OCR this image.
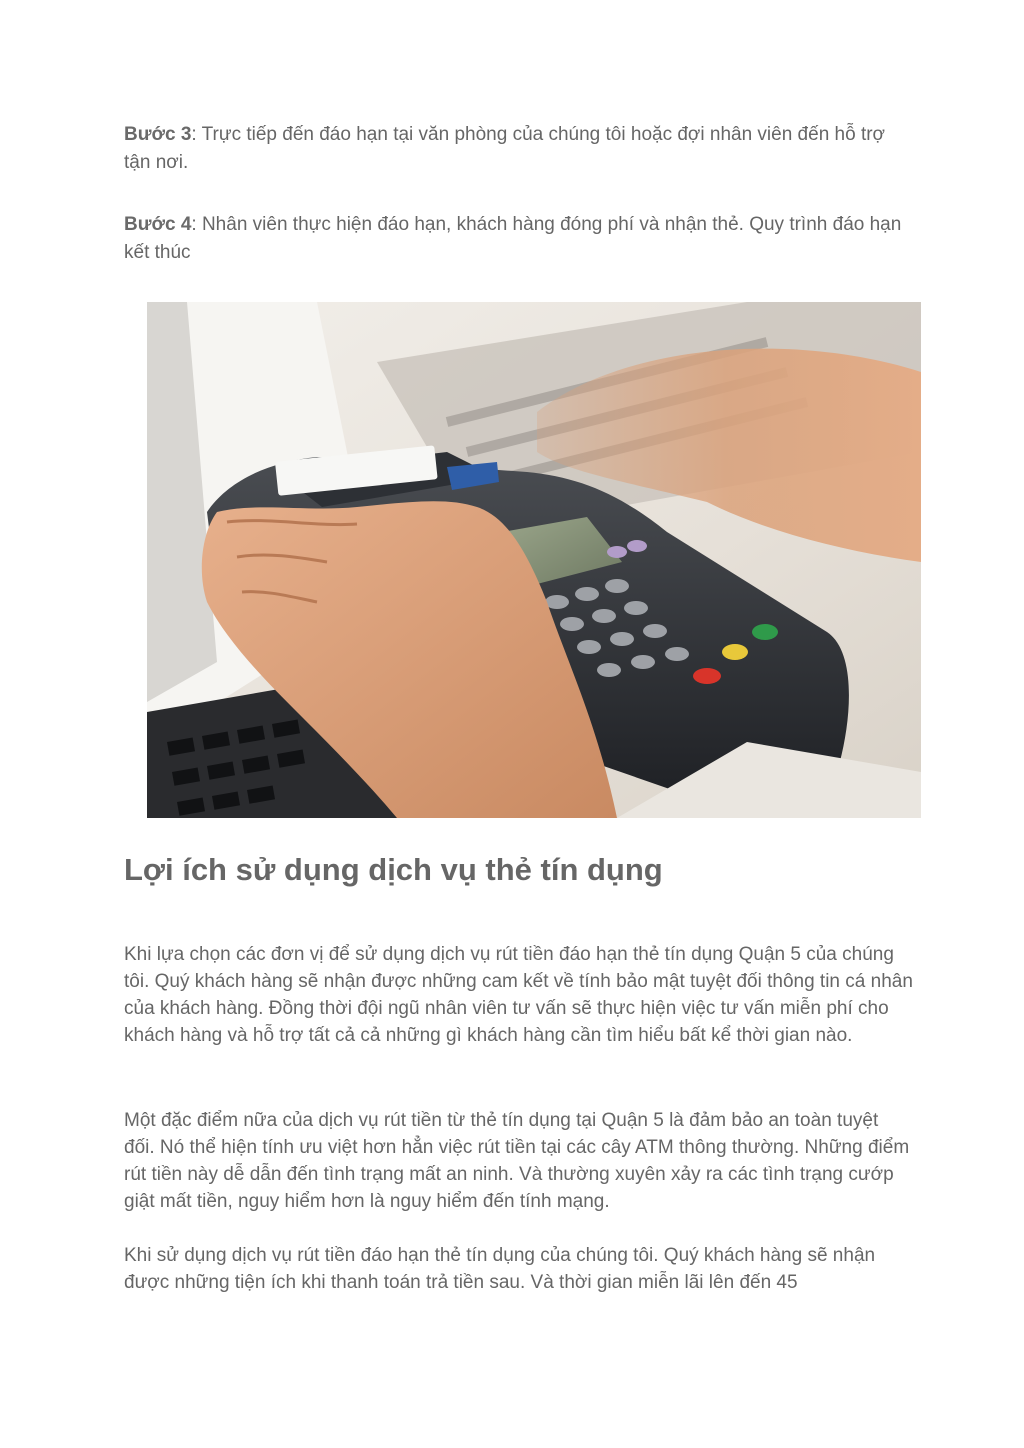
Bước 3: Trực tiếp đến đáo hạn tại văn phòng của chúng tôi hoặc đợi nhân viên đến hỗ trợ tận nơi.

Bước 4: Nhân viên thực hiện đáo hạn, khách hàng đóng phí và nhận thẻ. Quy trình đáo hạn kết thúc

Lợi ích sử dụng dịch vụ thẻ tín dụng

Khi lựa chọn các đơn vị để sử dụng dịch vụ rút tiền đáo hạn thẻ tín dụng Quận 5 của chúng tôi. Quý khách hàng sẽ nhận được những cam kết về tính bảo mật tuyệt đối thông tin cá nhân của khách hàng. Đồng thời đội ngũ nhân viên tư vấn sẽ thực hiện việc tư vấn miễn phí cho khách hàng và hỗ trợ tất cả cả những gì khách hàng cần tìm hiểu bất kể thời gian nào.

Một đặc điểm nữa của dịch vụ rút tiền từ thẻ tín dụng tại Quận 5 là đảm bảo an toàn tuyệt đối. Nó thể hiện tính ưu việt hơn hẳn việc rút tiền tại các cây ATM thông thường. Những điểm rút tiền này dễ dẫn đến tình trạng mất an ninh. Và thường xuyên xảy ra các tình trạng cướp giật mất tiền, nguy hiểm hơn là nguy hiểm đến tính mạng.

Khi sử dụng dịch vụ rút tiền đáo hạn thẻ tín dụng của chúng tôi. Quý khách hàng sẽ nhận được những tiện ích khi thanh toán trả tiền sau. Và thời gian miễn lãi lên đến 45
